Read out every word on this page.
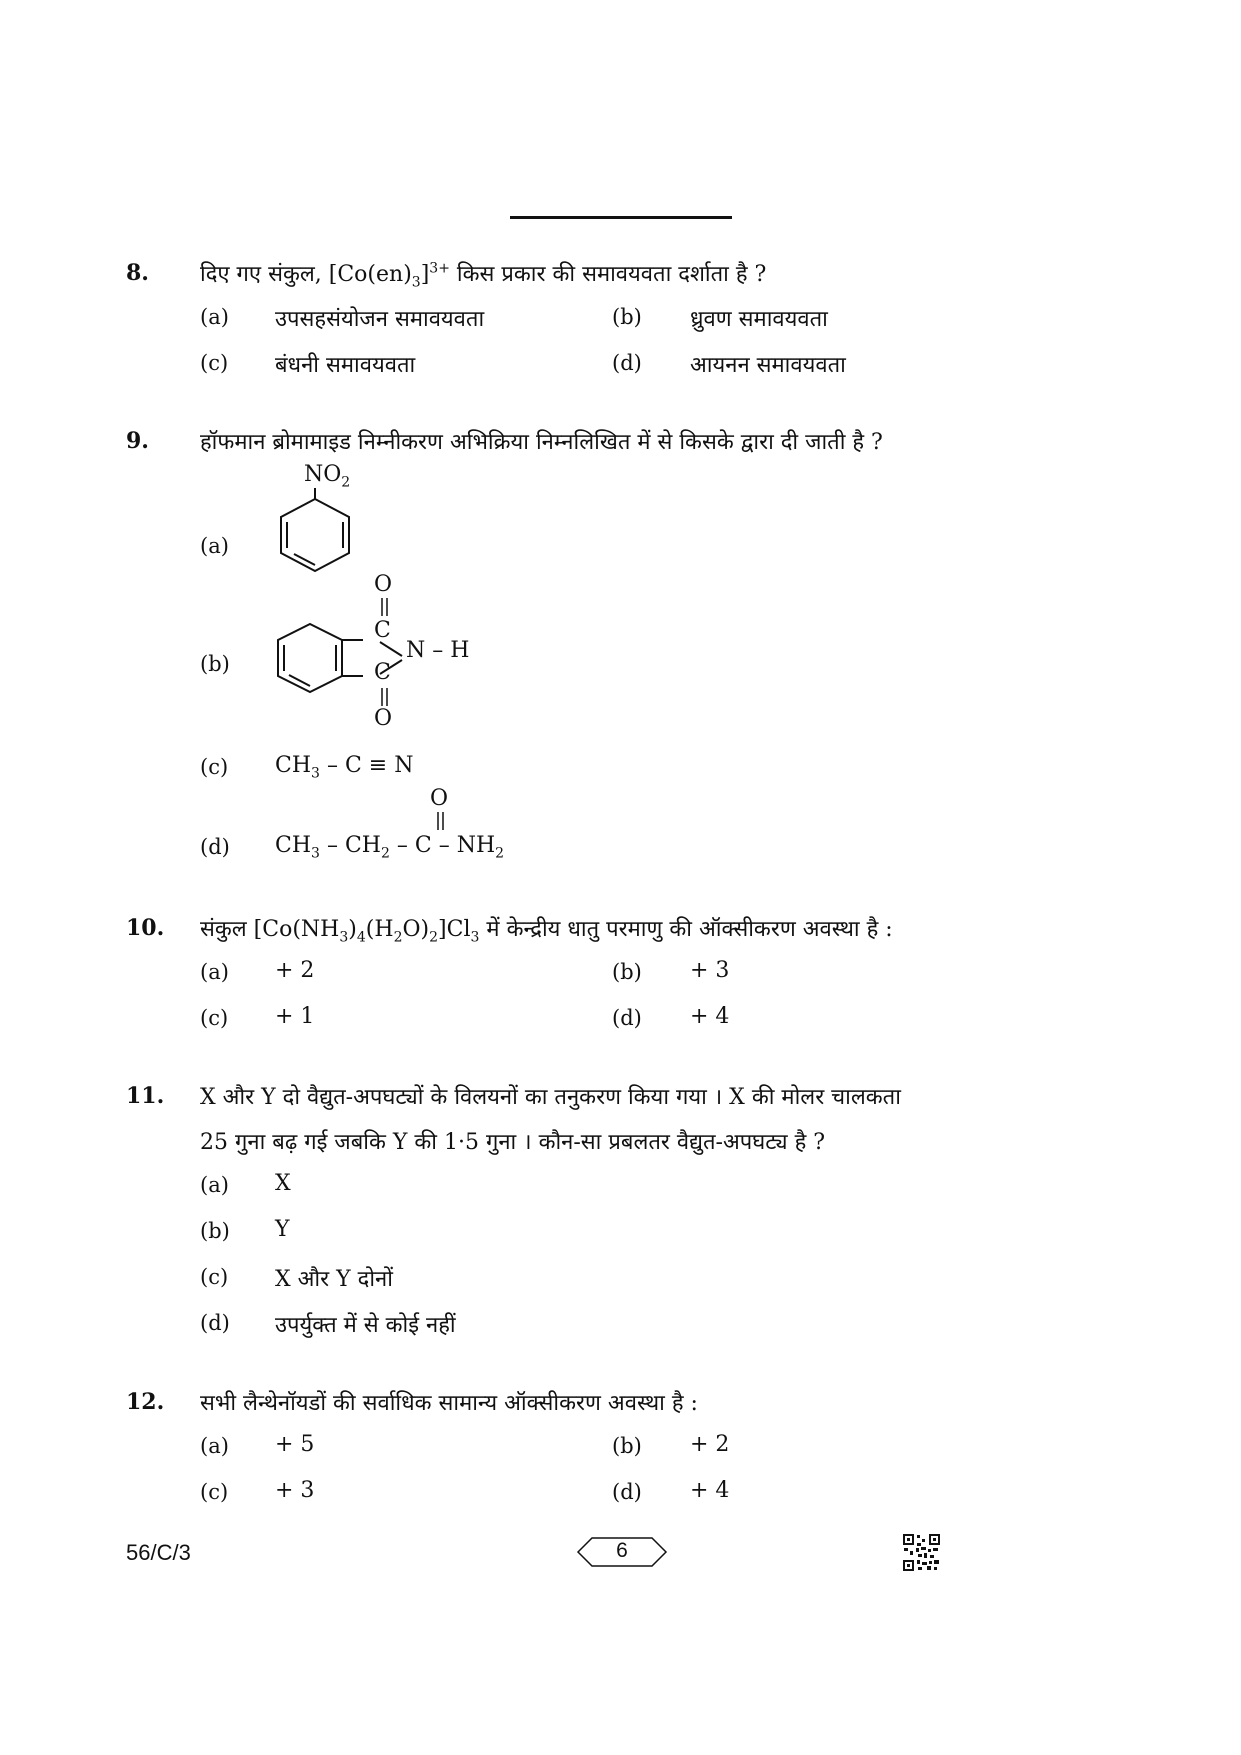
8. दिए गए संकुल, $[Co(en)_3]^{3+}$ किस प्रकार की समावयवता दर्शाता है ?
(a) उपसहसंयोजन समावयवता	(b) ध्रुवण समावयवता
(c) बंधनी समावयवता	(d) आयनन समावयवता
9. हॉफमान ब्रोमामाइड निम्नीकरण अभिक्रिया निम्नलिखित में से किसके द्वारा दी जाती है ?
(a)
$NO_2$
(b)
O
C
N – H
C
O
(c) $CH_3 - C \equiv N$
O
(d) $CH_3 - CH_2$ – C – $NH_2$
10. संकुल $[Co(NH_3)_4(H_2O)_2]Cl_3$ में केन्द्रीय धातु परमाणु की ऑक्सीकरण अवस्था है :
(a) + 2	(b) + 3
(c) + 1	(d) + 4
11. X और Y दो वैद्युत-अपघट्यों के विलयनों का तनुकरण किया गया । X की मोलर चालकता
25 गुना बढ़ गई जबकि Y की 1·5 गुना । कौन-सा प्रबलतर वैद्युत-अपघट्य है ?
(a) X
(b) Y
(c) X और Y दोनों
(d) उपर्युक्त में से कोई नहीं
12. सभी लैन्थेनॉयडों की सर्वाधिक सामान्य ऑक्सीकरण अवस्था है :
(a) + 5	(b) + 2
(c) + 3	(d) + 4
56/C/3	6
